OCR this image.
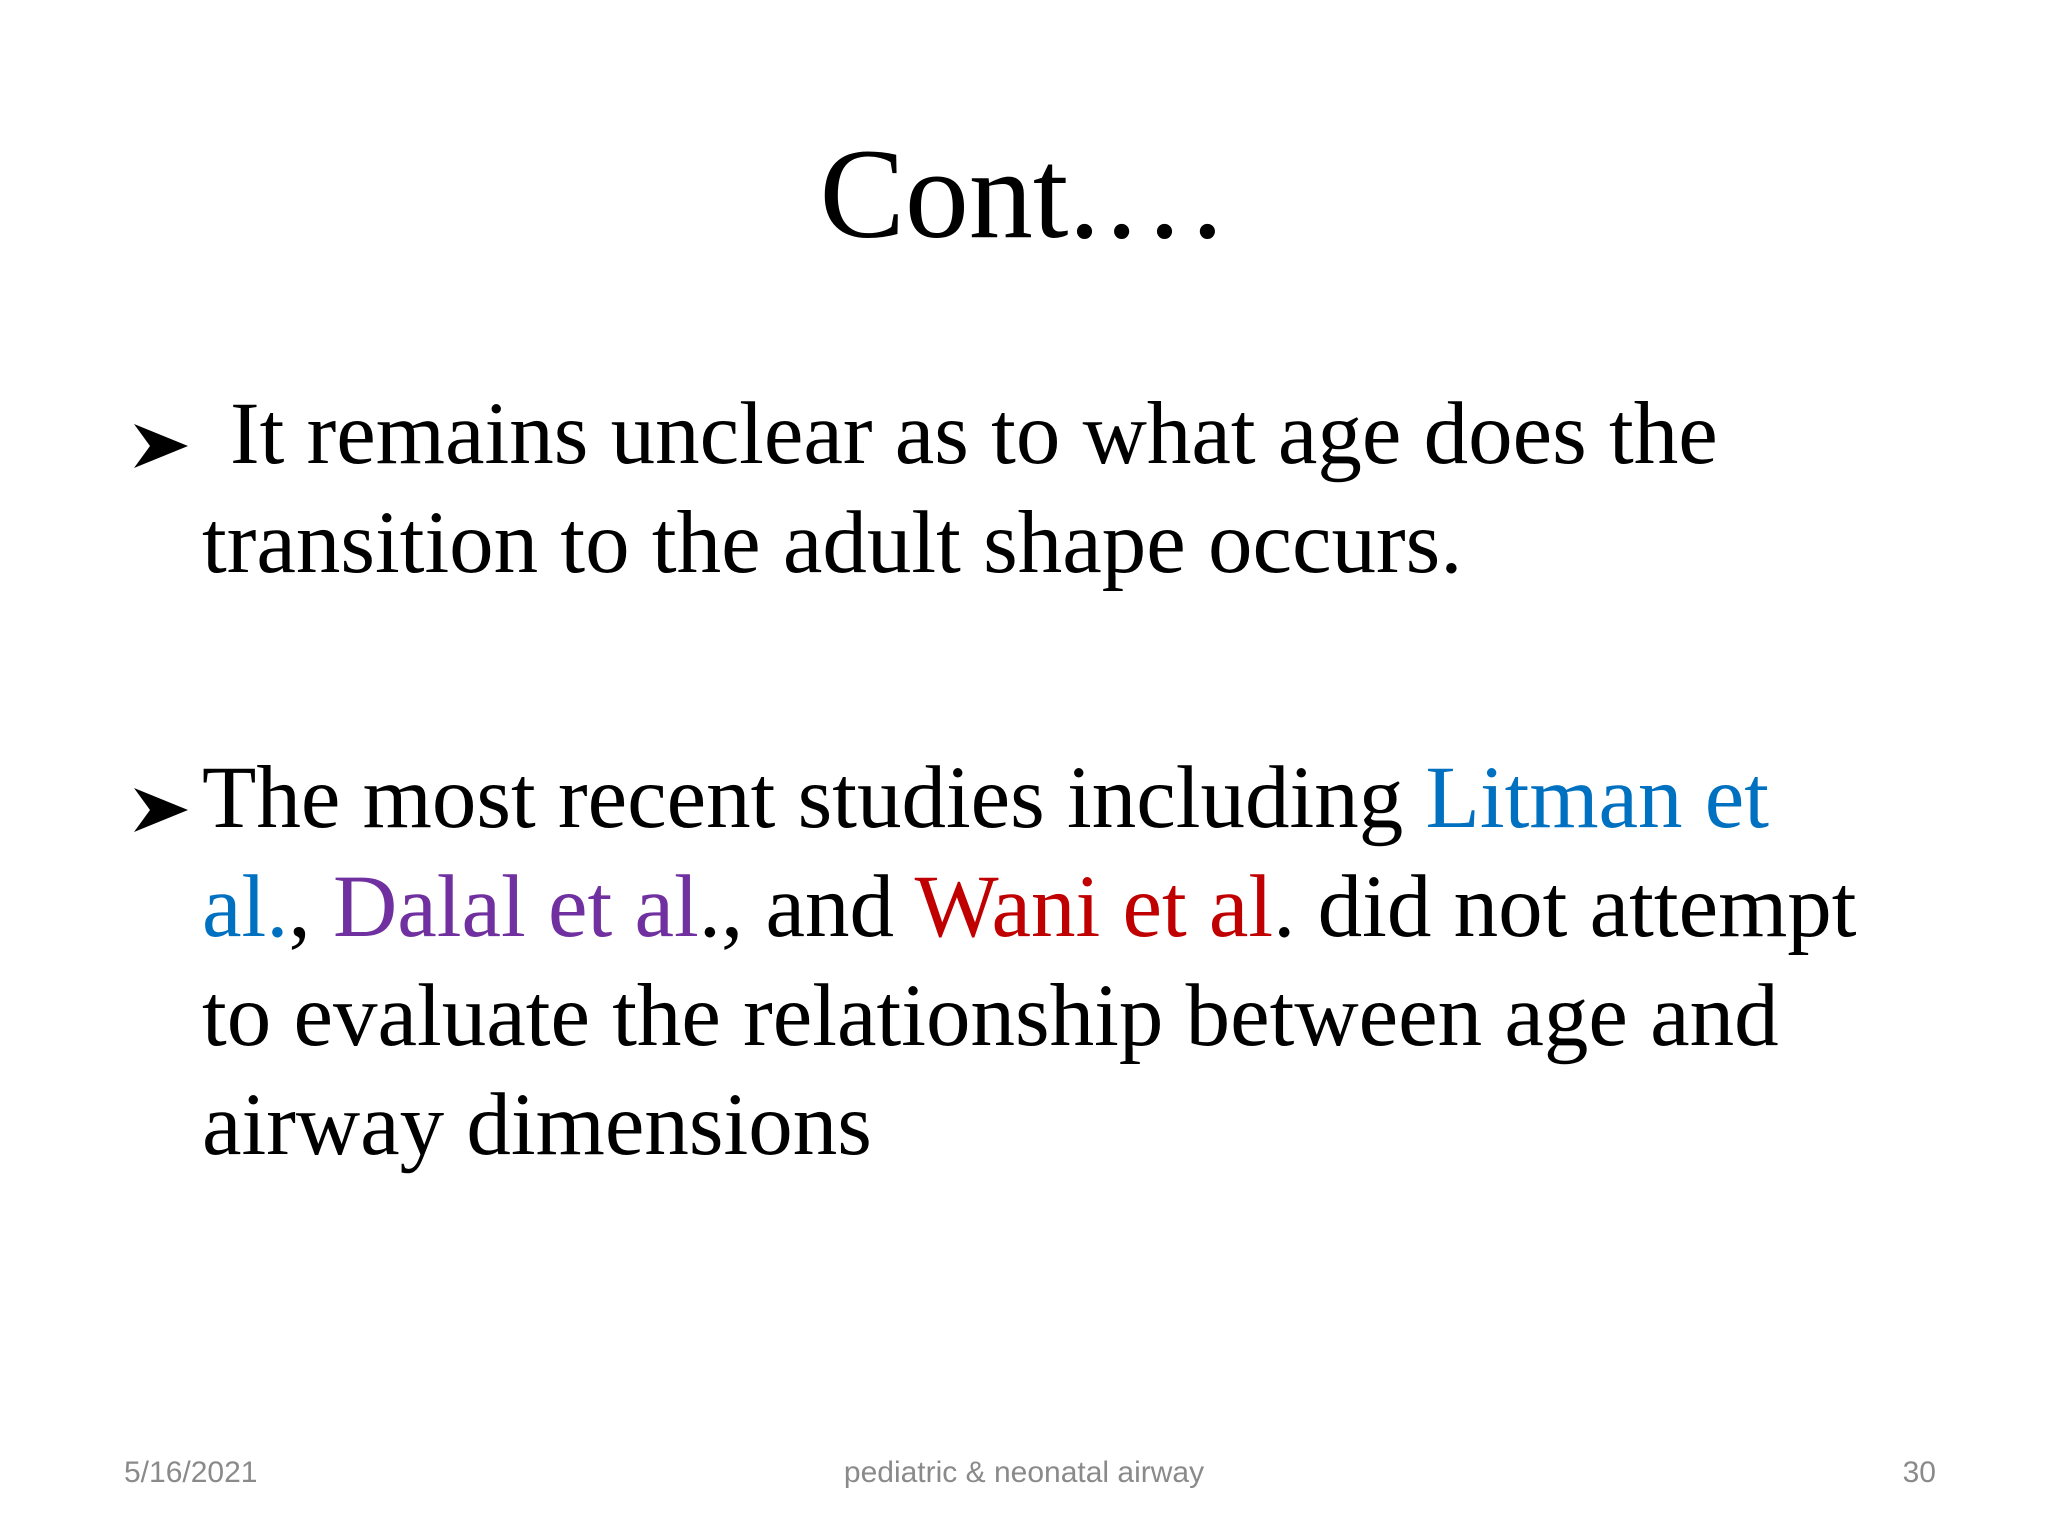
Cont.…
It remains unclear as to what age does the
transition to the adult shape occurs.
The most recent studies including Litman et
al., Dalal et al., and Wani et al. did not attempt
to evaluate the relationship between age and
airway dimensions
5/16/2021	pediatric & neonatal airway	30
